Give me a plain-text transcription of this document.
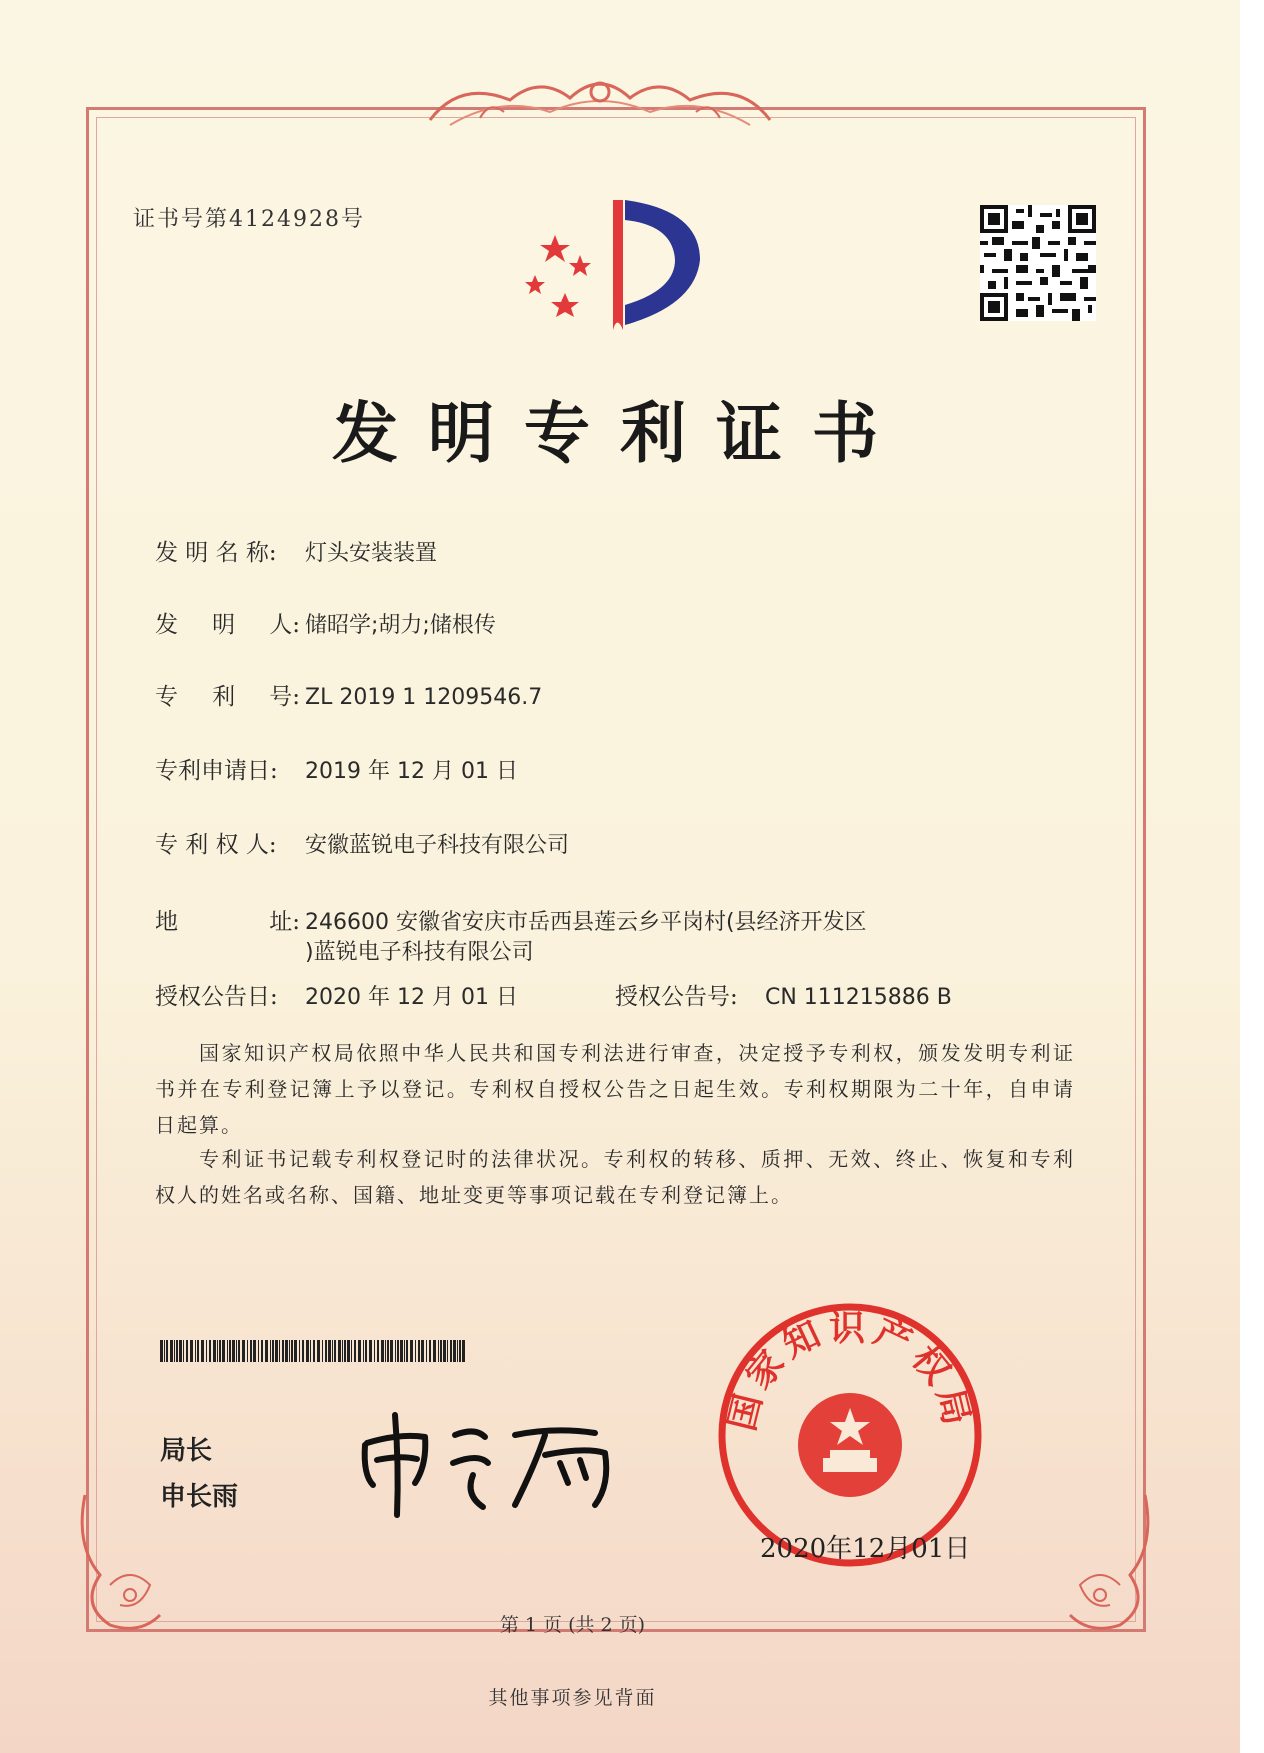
证书号第4124928号
发明专利证书
发 明 名 称: 灯头安装装置
发 明 人: 储昭学;胡力;储根传
专 利 号: ZL 2019 1 1209546.7
专利申请日: 2019 年 12 月 01 日
专 利 权 人: 安徽蓝锐电子科技有限公司
地	址: 246600 安徽省安庆市岳西县莲云乡平岗村(县经济开发区
)蓝锐电子科技有限公司
授权公告日: 2020 年 12 月 01 日	授权公告号: CN 111215886 B
国家知识产权局依照中华人民共和国专利法进行审查，决定授予专利权，颁发发明专利证书并在专利登记簿上予以登记。专利权自授权公告之日起生效。专利权期限为二十年，自申请日起算。
专利证书记载专利权登记时的法律状况。专利权的转移、质押、无效、终止、恢复和专利权人的姓名或名称、国籍、地址变更等事项记载在专利登记簿上。
局长
申长雨
国家知识产权局
2020年12月01日
第 1 页 (共 2 页)
其他事项参见背面
